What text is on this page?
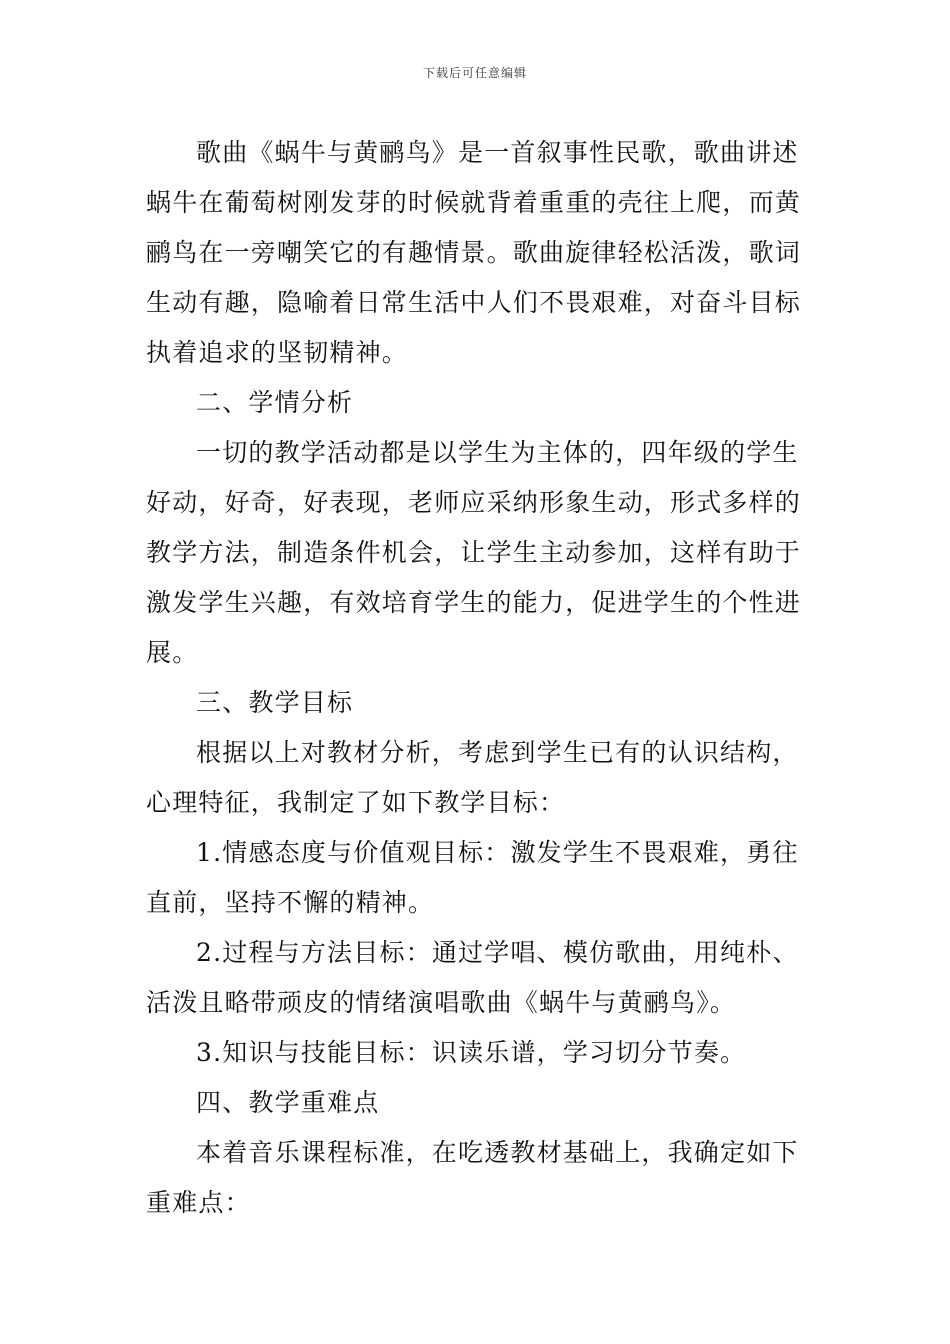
下载后可任意编辑

歌曲《蜗牛与黄鹂鸟》是一首叙事性民歌，歌曲讲述蜗牛在葡萄树刚发芽的时候就背着重重的壳往上爬，而黄鹂鸟在一旁嘲笑它的有趣情景。歌曲旋律轻松活泼，歌词生动有趣，隐喻着日常生活中人们不畏艰难，对奋斗目标执着追求的坚韧精神。

二、学情分析

一切的教学活动都是以学生为主体的，四年级的学生好动，好奇，好表现，老师应采纳形象生动，形式多样的教学方法，制造条件机会，让学生主动参加，这样有助于激发学生兴趣，有效培育学生的能力，促进学生的个性进展。

三、教学目标

根据以上对教材分析，考虑到学生已有的认识结构，心理特征，我制定了如下教学目标：

1.情感态度与价值观目标：激发学生不畏艰难，勇往直前，坚持不懈的精神。

2.过程与方法目标：通过学唱、模仿歌曲，用纯朴、活泼且略带顽皮的情绪演唱歌曲《蜗牛与黄鹂鸟》。

3.知识与技能目标：识读乐谱，学习切分节奏。

四、教学重难点

本着音乐课程标准，在吃透教材基础上，我确定如下重难点：
